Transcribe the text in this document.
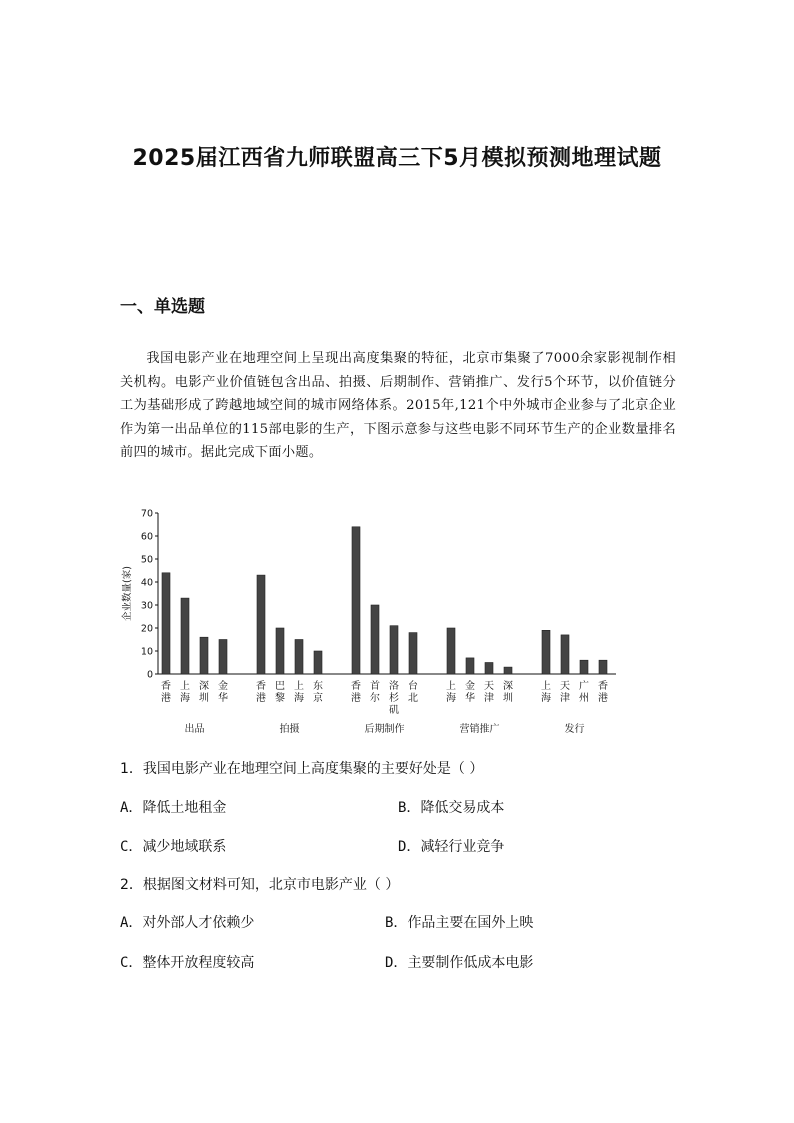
2025届江西省九师联盟高三下5月模拟预测地理试题
一、单选题
我国电影产业在地理空间上呈现出高度集聚的特征，北京市集聚了7000余家影视制作相关机构。电影产业价值链包含出品、拍摄、后期制作、营销推广、发行5个环节，以价值链分工为基础形成了跨越地域空间的城市网络体系。2015年,121个中外城市企业参与了北京企业作为第一出品单位的115部电影的生产，下图示意参与这些电影不同环节生产的企业数量排名前四的城市。据此完成下面小题。
0
10
20
30
40
50
60
70
企业数量(家)
香港
上海
深圳
金华
出品
香港
巴黎
上海
东京
拍摄
香港
首尔
洛杉矶
台北
后期制作
上海
金华
天津
深圳
营销推广
上海
天津
广州
香港
发行
1．我国电影产业在地理空间上高度集聚的主要好处是（ ）
A．降低土地租金	B．降低交易成本
C．减少地域联系	D．减轻行业竞争
2．根据图文材料可知，北京市电影产业（ ）
A．对外部人才依赖少	B．作品主要在国外上映
C．整体开放程度较高	D．主要制作低成本电影
